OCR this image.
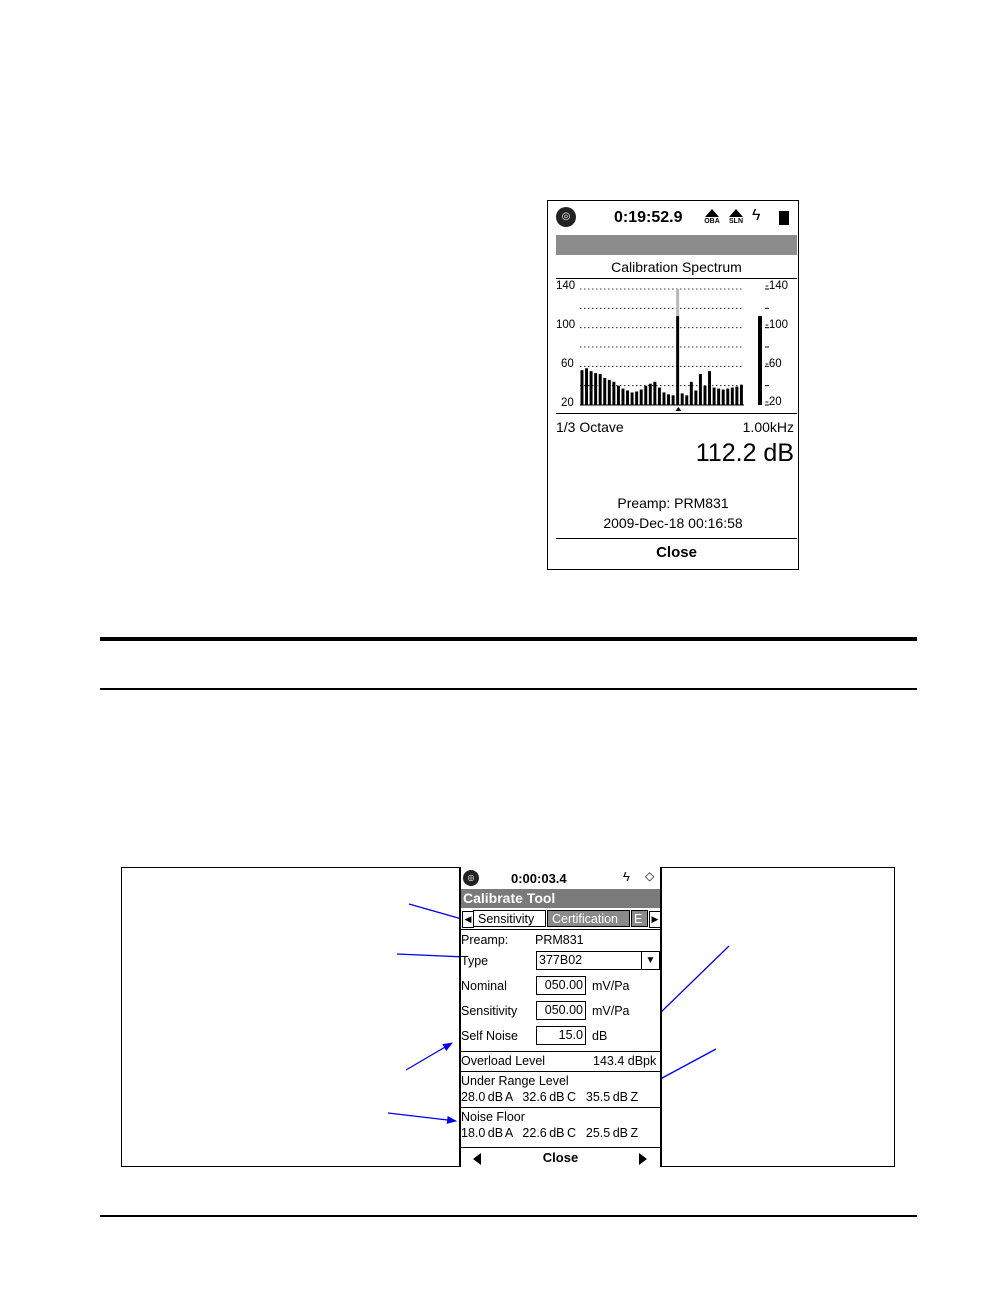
◎	0:19:52.9	OBA	SLN ϟ
Calibration Spectrum
140
100
60
20
-140
-100
-60
-20
1/3 Octave	1.00kHz
112.2 dB
Preamp: PRM831
2009-Dec-18 00:16:58
Close
◎	0:00:03.4	ϟ ◇
Calibrate Tool
◀ Sensitivity	Certification	E	▶
Preamp: PRM831
Type	377B02	▼
Nominal	050.00 mV/Pa
Sensitivity	050.00 mV/Pa
Self Noise	15.0 dB
Overload Level	143.4 dBpk
Under Range Level
28.0 dB A    32.6 dB C    35.5 dB Z
Noise Floor
18.0 dB A    22.6 dB C    25.5 dB Z
Close
